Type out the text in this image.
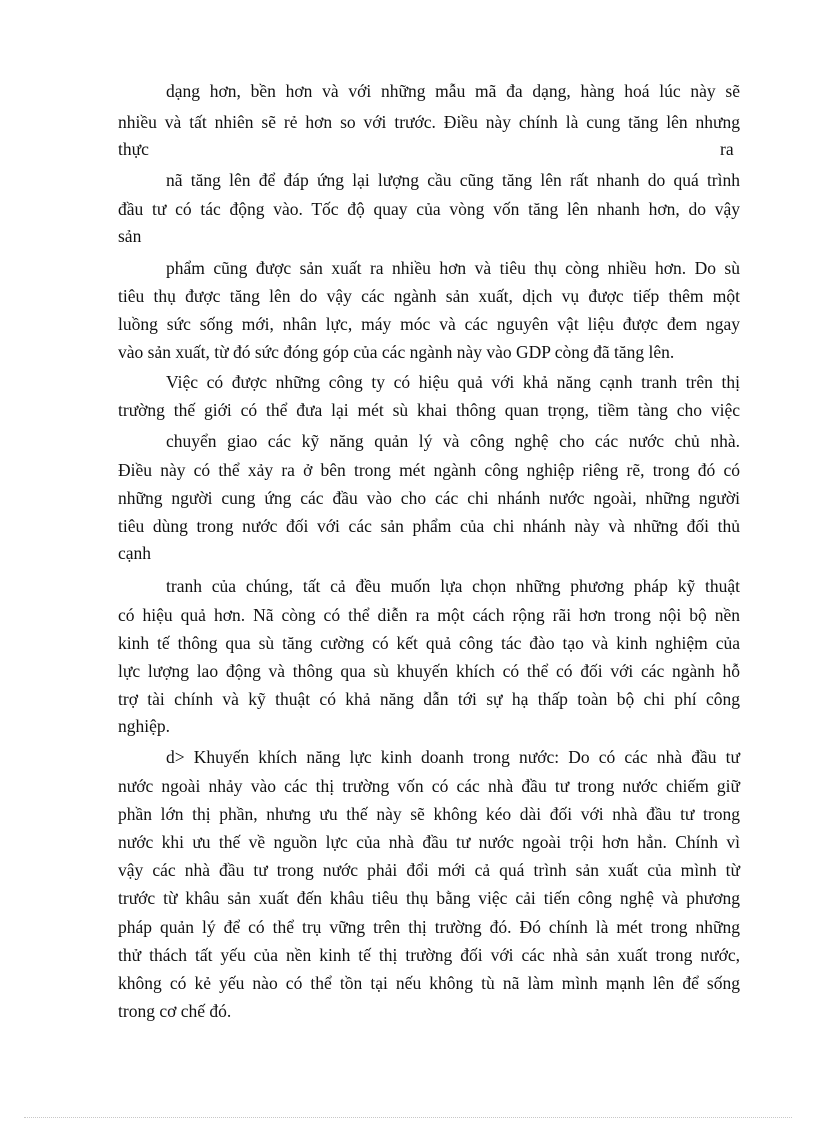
dạng hơn, bền hơn và với những mẫu mã đa dạng, hàng hoá lúc này sẽ
nhiều và tất nhiên sẽ rẻ hơn so với trước. Điều này chính là cung tăng lên nhưng
thực	ra
nã tăng lên để đáp ứng lại lượng cầu cũng tăng lên rất nhanh do quá trình
đầu tư có tác động vào. Tốc độ quay của vòng vốn tăng lên nhanh hơn, do vậy
sản
phẩm cũng được sản xuất ra nhiều hơn và tiêu thụ còng nhiều hơn. Do sù
tiêu thụ được tăng lên do vậy các ngành sản xuất, dịch vụ được tiếp thêm một
luồng sức sống mới, nhân lực, máy móc và các nguyên vật liệu được đem ngay
vào sản xuất, từ đó sức đóng góp của các ngành này vào GDP còng đã tăng lên.
Việc có được những công ty có hiệu quả với khả năng cạnh tranh trên thị
trường thế giới có thể đưa lại mét sù khai thông quan trọng, tiềm tàng cho việc
chuyển giao các kỹ năng quản lý và công nghệ cho các nước chủ nhà.
Điều này có thể xảy ra ở bên trong mét ngành công nghiệp riêng rẽ, trong đó có
những người cung ứng các đầu vào cho các chi nhánh nước ngoài, những người
tiêu dùng trong nước đối với các sản phẩm của chi nhánh này và những đối thủ
cạnh
tranh của chúng, tất cả đều muốn lựa chọn những phương pháp kỹ thuật
có hiệu quả hơn. Nã còng có thể diễn ra một cách rộng rãi hơn trong nội bộ nền
kinh tế thông qua sù tăng cường có kết quả công tác đào tạo và kinh nghiệm của
lực lượng lao động và thông qua sù khuyến khích có thể có đối với các ngành hỗ
trợ tài chính và kỹ thuật có khả năng dẫn tới sự hạ thấp toàn bộ chi phí công
nghiệp.
d> Khuyến khích năng lực kinh doanh trong nước: Do có các nhà đầu tư
nước ngoài nhảy vào các thị trường vốn có các nhà đầu tư trong nước chiếm giữ
phần lớn thị phần, nhưng ưu thế này sẽ không kéo dài đối với nhà đầu tư trong
nước khi ưu thế về nguồn lực của nhà đầu tư nước ngoài trội hơn hẳn. Chính vì
vậy các nhà đầu tư trong nước phải đổi mới cả quá trình sản xuất của mình từ
trước từ khâu sản xuất đến khâu tiêu thụ bằng việc cải tiến công nghệ và phương
pháp quản lý để có thể trụ vững trên thị trường đó. Đó chính là mét trong những
thử thách tất yếu của nền kinh tế thị trường đối với các nhà sản xuất trong nước,
không có kẻ yếu nào có thể tồn tại nếu không tù nã làm mình mạnh lên để sống
trong cơ chế đó.
